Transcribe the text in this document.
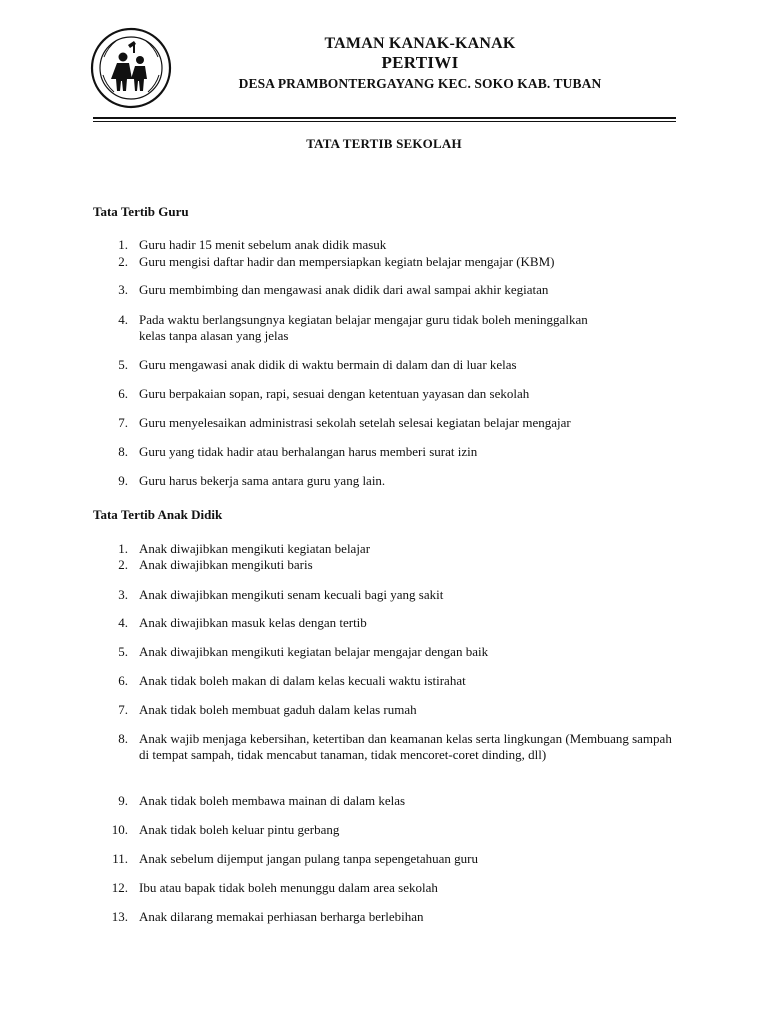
TAMAN KANAK-KANAK
PERTIWI
DESA PRAMBONTERGAYANG KEC. SOKO KAB. TUBAN
TATA TERTIB SEKOLAH
Tata Tertib Guru
1. Guru hadir 15 menit sebelum anak didik masuk
2. Guru mengisi daftar hadir dan mempersiapkan kegiatn belajar mengajar (KBM)
3. Guru membimbing dan mengawasi anak didik dari awal sampai akhir kegiatan
4. Pada waktu berlangsungnya kegiatan belajar mengajar guru tidak boleh meninggalkan kelas tanpa alasan yang jelas
5. Guru mengawasi anak didik di waktu bermain di dalam dan di luar kelas
6. Guru berpakaian sopan, rapi, sesuai dengan ketentuan yayasan dan sekolah
7. Guru menyelesaikan administrasi sekolah setelah selesai kegiatan belajar mengajar
8. Guru yang tidak hadir atau berhalangan harus memberi surat izin
9. Guru harus bekerja sama antara guru yang lain.
Tata Tertib Anak Didik
1. Anak diwajibkan mengikuti kegiatan belajar
2. Anak diwajibkan mengikuti baris
3. Anak diwajibkan mengikuti senam kecuali bagi yang sakit
4. Anak diwajibkan masuk kelas dengan tertib
5. Anak diwajibkan mengikuti kegiatan belajar mengajar dengan baik
6. Anak tidak boleh makan di dalam kelas kecuali waktu istirahat
7. Anak tidak boleh membuat gaduh dalam kelas rumah
8. Anak wajib menjaga kebersihan, ketertiban dan keamanan kelas serta lingkungan (Membuang sampah di tempat sampah, tidak mencabut tanaman, tidak mencoret-coret dinding, dll)
9. Anak tidak boleh membawa mainan di dalam kelas
10. Anak tidak boleh keluar pintu gerbang
11. Anak sebelum dijemput jangan pulang tanpa sepengetahuan guru
12. Ibu atau bapak tidak boleh menunggu dalam area sekolah
13. Anak dilarang memakai perhiasan berharga berlebihan
